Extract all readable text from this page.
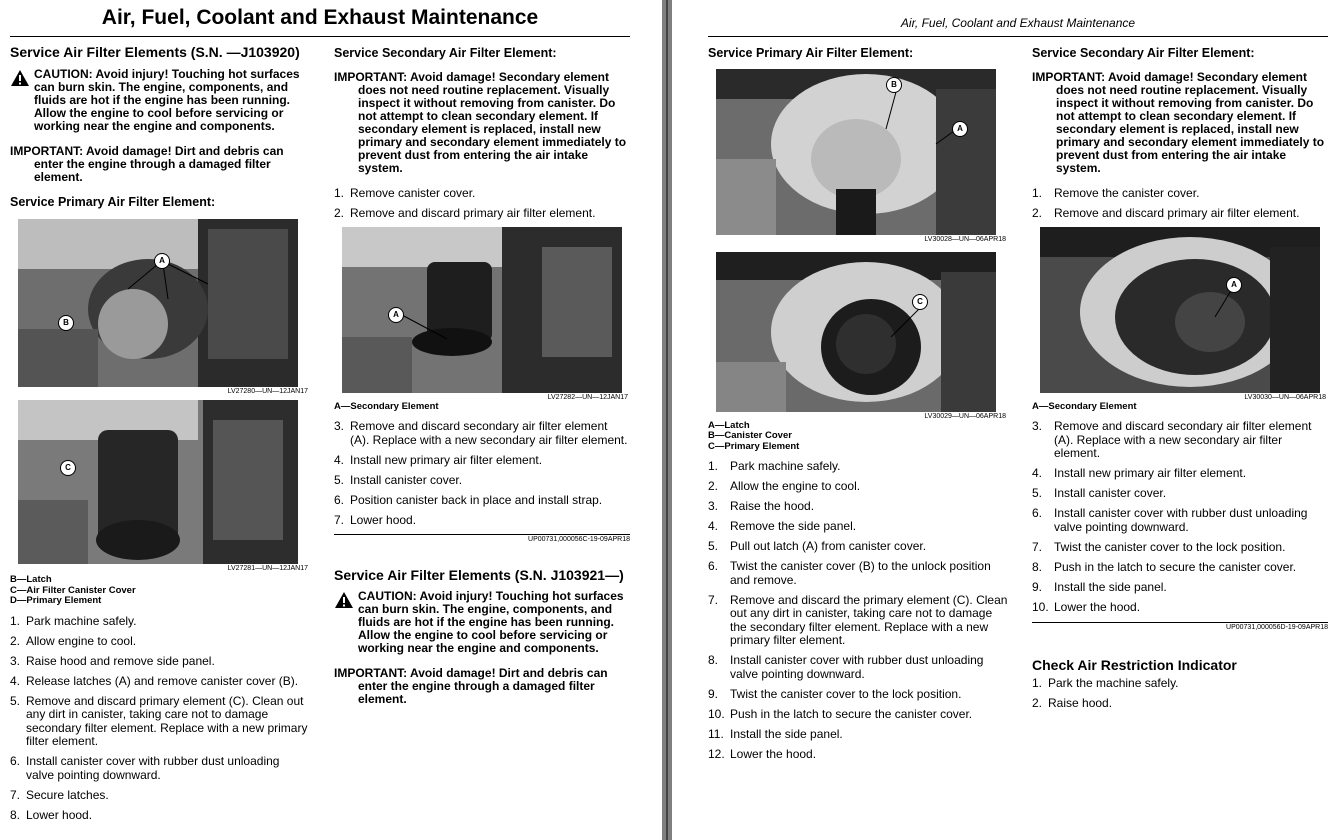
Air, Fuel, Coolant and Exhaust Maintenance
Service Air Filter Elements (S.N. —J103920)
CAUTION: Avoid injury! Touching hot surfaces can burn skin. The engine, components, and fluids are hot if the engine has been running. Allow the engine to cool before servicing or working near the engine and components.
IMPORTANT: Avoid damage! Dirt and debris can enter the engine through a damaged filter element.
Service Primary Air Filter Element:
A
B
LV27280—UN—12JAN17
C
LV27281—UN—12JAN17
B—Latch
C—Air Filter Canister Cover
D—Primary Element
1. Park machine safely.
2. Allow engine to cool.
3. Raise hood and remove side panel.
4. Release latches (A) and remove canister cover (B).
5. Remove and discard primary element (C). Clean out any dirt in canister, taking care not to damage secondary filter element. Replace with a new primary filter element.
6. Install canister cover with rubber dust unloading valve pointing downward.
7. Secure latches.
8. Lower hood.
Service Secondary Air Filter Element:
IMPORTANT: Avoid damage! Secondary element does not need routine replacement. Visually inspect it without removing from canister. Do not attempt to clean secondary element. If secondary element is replaced, install new primary and secondary element immediately to prevent dust from entering the air intake system.
1. Remove canister cover.
2. Remove and discard primary air filter element.
A
LV27282—UN—12JAN17
A—Secondary Element
3. Remove and discard secondary air filter element (A). Replace with a new secondary air filter element.
4. Install new primary air filter element.
5. Install canister cover.
6. Position canister back in place and install strap.
7. Lower hood.
UP00731,000056C-19-09APR18
Service Air Filter Elements (S.N. J103921—)
CAUTION: Avoid injury! Touching hot surfaces can burn skin. The engine, components, and fluids are hot if the engine has been running. Allow the engine to cool before servicing or working near the engine and components.
IMPORTANT: Avoid damage! Dirt and debris can enter the engine through a damaged filter element.
Air, Fuel, Coolant and Exhaust Maintenance
Service Primary Air Filter Element:
B
A
LV30028—UN—06APR18
C
LV30029—UN—06APR18
A—Latch
B—Canister Cover
C—Primary Element
1. Park machine safely.
2. Allow the engine to cool.
3. Raise the hood.
4. Remove the side panel.
5. Pull out latch (A) from canister cover.
6. Twist the canister cover (B) to the unlock position and remove.
7. Remove and discard the primary element (C). Clean out any dirt in canister, taking care not to damage the secondary filter element. Replace with a new primary filter element.
8. Install canister cover with rubber dust unloading valve pointing downward.
9. Twist the canister cover to the lock position.
10. Push in the latch to secure the canister cover.
11. Install the side panel.
12. Lower the hood.
Service Secondary Air Filter Element:
IMPORTANT: Avoid damage! Secondary element does not need routine replacement. Visually inspect it without removing from canister. Do not attempt to clean secondary element. If secondary element is replaced, install new primary and secondary element immediately to prevent dust from entering the air intake system.
1. Remove the canister cover.
2. Remove and discard primary air filter element.
A
LV30030—UN—06APR18
A—Secondary Element
3. Remove and discard secondary air filter element (A). Replace with a new secondary air filter element.
4. Install new primary air filter element.
5. Install canister cover.
6. Install canister cover with rubber dust unloading valve pointing downward.
7. Twist the canister cover to the lock position.
8. Push in the latch to secure the canister cover.
9. Install the side panel.
10. Lower the hood.
UP00731,000056D-19-09APR18
Check Air Restriction Indicator
1. Park the machine safely.
2. Raise hood.
